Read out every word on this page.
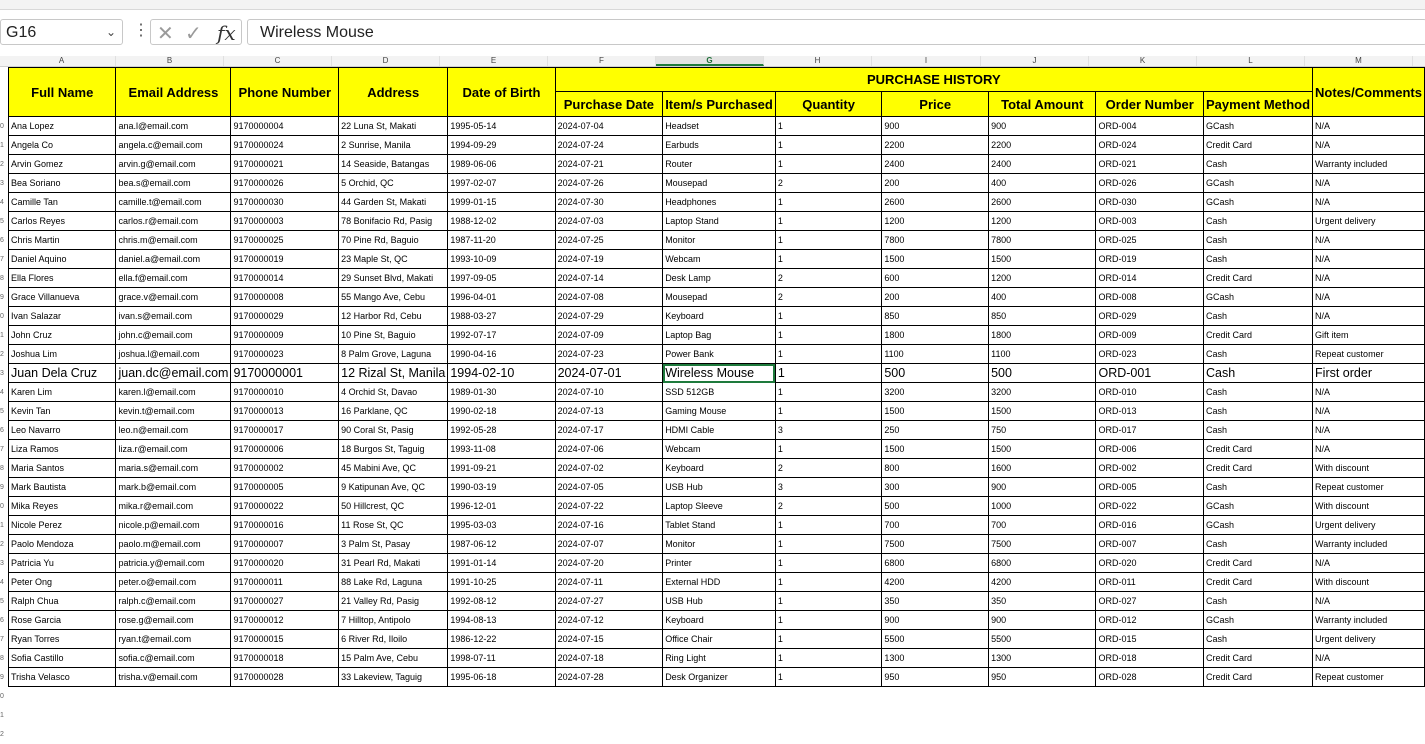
G16	⌄ ⋮ ✕ ✓ fx Wireless Mouse
A	B	C	D	E	F	G	H	I	J	K	L	M
0
1
2
3
4
5
6
7
8
9
0
1
2
3
4
5
6
7
8
9
0
1
2
3
4
5
6
7
8
9
0
1
2
Full Name	Email Address	Phone Number	Address	Date of Birth	PURCHASE HISTORY							Notes/Comments
					Purchase Date	Item/s Purchased	Quantity	Price	Total Amount	Order Number	Payment Method	
Ana Lopez	ana.l@email.com	9170000004	22 Luna St, Makati	1995-05-14	2024-07-04	Headset	1	900	900	ORD-004	GCash	N/A
Angela Co	angela.c@email.com	9170000024	2 Sunrise, Manila	1994-09-29	2024-07-24	Earbuds	1	2200	2200	ORD-024	Credit Card	N/A
Arvin Gomez	arvin.g@email.com	9170000021	14 Seaside, Batangas	1989-06-06	2024-07-21	Router	1	2400	2400	ORD-021	Cash	Warranty included
Bea Soriano	bea.s@email.com	9170000026	5 Orchid, QC	1997-02-07	2024-07-26	Mousepad	2	200	400	ORD-026	GCash	N/A
Camille Tan	camille.t@email.com	9170000030	44 Garden St, Makati	1999-01-15	2024-07-30	Headphones	1	2600	2600	ORD-030	GCash	N/A
Carlos Reyes	carlos.r@email.com	9170000003	78 Bonifacio Rd, Pasig	1988-12-02	2024-07-03	Laptop Stand	1	1200	1200	ORD-003	Cash	Urgent delivery
Chris Martin	chris.m@email.com	9170000025	70 Pine Rd, Baguio	1987-11-20	2024-07-25	Monitor	1	7800	7800	ORD-025	Cash	N/A
Daniel Aquino	daniel.a@email.com	9170000019	23 Maple St, QC	1993-10-09	2024-07-19	Webcam	1	1500	1500	ORD-019	Cash	N/A
Ella Flores	ella.f@email.com	9170000014	29 Sunset Blvd, Makati	1997-09-05	2024-07-14	Desk Lamp	2	600	1200	ORD-014	Credit Card	N/A
Grace Villanueva	grace.v@email.com	9170000008	55 Mango Ave, Cebu	1996-04-01	2024-07-08	Mousepad	2	200	400	ORD-008	GCash	N/A
Ivan Salazar	ivan.s@email.com	9170000029	12 Harbor Rd, Cebu	1988-03-27	2024-07-29	Keyboard	1	850	850	ORD-029	Cash	N/A
John Cruz	john.c@email.com	9170000009	10 Pine St, Baguio	1992-07-17	2024-07-09	Laptop Bag	1	1800	1800	ORD-009	Credit Card	Gift item
Joshua Lim	joshua.l@email.com	9170000023	8 Palm Grove, Laguna	1990-04-16	2024-07-23	Power Bank	1	1100	1100	ORD-023	Cash	Repeat customer
Juan Dela Cruz	juan.dc@email.com	9170000001	12 Rizal St, Manila	1994-02-10	2024-07-01	Wireless Mouse	1	500	500	ORD-001	Cash	First order
Karen Lim	karen.l@email.com	9170000010	4 Orchid St, Davao	1989-01-30	2024-07-10	SSD 512GB	1	3200	3200	ORD-010	Cash	N/A
Kevin Tan	kevin.t@email.com	9170000013	16 Parklane, QC	1990-02-18	2024-07-13	Gaming Mouse	1	1500	1500	ORD-013	Cash	N/A
Leo Navarro	leo.n@email.com	9170000017	90 Coral St, Pasig	1992-05-28	2024-07-17	HDMI Cable	3	250	750	ORD-017	Cash	N/A
Liza Ramos	liza.r@email.com	9170000006	18 Burgos St, Taguig	1993-11-08	2024-07-06	Webcam	1	1500	1500	ORD-006	Credit Card	N/A
Maria Santos	maria.s@email.com	9170000002	45 Mabini Ave, QC	1991-09-21	2024-07-02	Keyboard	2	800	1600	ORD-002	Credit Card	With discount
Mark Bautista	mark.b@email.com	9170000005	9 Katipunan Ave, QC	1990-03-19	2024-07-05	USB Hub	3	300	900	ORD-005	Cash	Repeat customer
Mika Reyes	mika.r@email.com	9170000022	50 Hillcrest, QC	1996-12-01	2024-07-22	Laptop Sleeve	2	500	1000	ORD-022	GCash	With discount
Nicole Perez	nicole.p@email.com	9170000016	11 Rose St, QC	1995-03-03	2024-07-16	Tablet Stand	1	700	700	ORD-016	GCash	Urgent delivery
Paolo Mendoza	paolo.m@email.com	9170000007	3 Palm St, Pasay	1987-06-12	2024-07-07	Monitor	1	7500	7500	ORD-007	Cash	Warranty included
Patricia Yu	patricia.y@email.com	9170000020	31 Pearl Rd, Makati	1991-01-14	2024-07-20	Printer	1	6800	6800	ORD-020	Credit Card	N/A
Peter Ong	peter.o@email.com	9170000011	88 Lake Rd, Laguna	1991-10-25	2024-07-11	External HDD	1	4200	4200	ORD-011	Credit Card	With discount
Ralph Chua	ralph.c@email.com	9170000027	21 Valley Rd, Pasig	1992-08-12	2024-07-27	USB Hub	1	350	350	ORD-027	Cash	N/A
Rose Garcia	rose.g@email.com	9170000012	7 Hilltop, Antipolo	1994-08-13	2024-07-12	Keyboard	1	900	900	ORD-012	GCash	Warranty included
Ryan Torres	ryan.t@email.com	9170000015	6 River Rd, Iloilo	1986-12-22	2024-07-15	Office Chair	1	5500	5500	ORD-015	Cash	Urgent delivery
Sofia Castillo	sofia.c@email.com	9170000018	15 Palm Ave, Cebu	1998-07-11	2024-07-18	Ring Light	1	1300	1300	ORD-018	Credit Card	N/A
Trisha Velasco	trisha.v@email.com	9170000028	33 Lakeview, Taguig	1995-06-18	2024-07-28	Desk Organizer	1	950	950	ORD-028	Credit Card	Repeat customer
